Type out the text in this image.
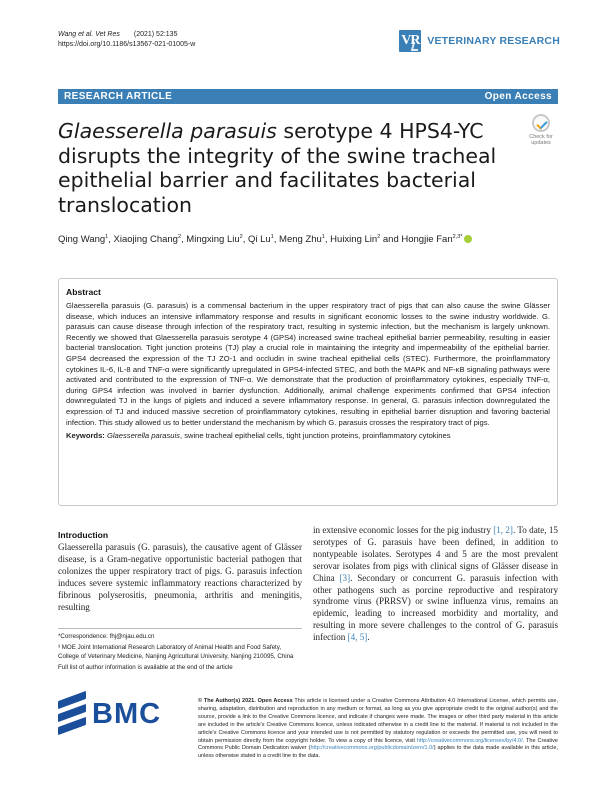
Wang et al. Vet Res (2021) 52:135
https://doi.org/10.1186/s13567-021-01005-w	VR VETERINARY RESEARCH
RESEARCH ARTICLE	Open Access
Glaesserella parasuis serotype 4 HPS4-YC disrupts the integrity of the swine tracheal epithelial barrier and facilitates bacterial translocation
Check for updates
Qing Wang$^1$, Xiaojing Chang$^2$, Mingxing Liu$^2$, Qi Lu$^1$, Meng Zhu$^1$, Huixing Lin$^2$ and Hongjie Fan$^{2,3*}$
Abstract

Glaesserella parasuis (G. parasuis) is a commensal bacterium in the upper respiratory tract of pigs that can also cause the swine Glässer disease, which induces an intensive inflammatory response and results in significant economic losses to the swine industry worldwide. G. parasuis can cause disease through infection of the respiratory tract, resulting in systemic infection, but the mechanism is largely unknown. Recently we showed that Glaesserella parasuis serotype 4 (GPS4) increased swine tracheal epithelial barrier permeability, resulting in easier bacterial translocation. Tight junction proteins (TJ) play a crucial role in maintaining the integrity and impermeability of the epithelial barrier. GPS4 decreased the expression of the TJ ZO-1 and occludin in swine tracheal epithelial cells (STEC). Furthermore, the proinflammatory cytokines IL-6, IL-8 and TNF-α were significantly upregulated in GPS4-infected STEC, and both the MAPK and NF-κB signaling pathways were activated and contributed to the expression of TNF-α. We demonstrate that the production of proinflammatory cytokines, especially TNF-α, during GPS4 infection was involved in barrier dysfunction. Additionally, animal challenge experiments confirmed that GPS4 infection downregulated TJ in the lungs of piglets and induced a severe inflammatory response. In general, G. parasuis infection downregulated the expression of TJ and induced massive secretion of proinflammatory cytokines, resulting in epithelial barrier disruption and favoring bacterial infection. This study allowed us to better understand the mechanism by which G. parasuis crosses the respiratory tract of pigs.

Keywords: Glaesserella parasuis, swine tracheal epithelial cells, tight junction proteins, proinflammatory cytokines
Introduction

Glaesserella parasuis (G. parasuis), the causative agent of Glässer disease, is a Gram-negative opportunistic bacterial pathogen that colonizes the upper respiratory tract of pigs. G. parasuis infection induces severe systemic inflammatory reactions characterized by fibrinous polyserositis, pneumonia, arthritis and meningitis, resulting

in extensive economic losses for the pig industry [1, 2]. To date, 15 serotypes of G. parasuis have been defined, in addition to nontypeable isolates. Serotypes 4 and 5 are the most prevalent serovar isolates from pigs with clinical signs of Glässer disease in China [3]. Secondary or concurrent G. parasuis infection with other pathogens such as porcine reproductive and respiratory syndrome virus (PRRSV) or swine influenza virus, remains an epidemic, leading to increased morbidity and mortality, and resulting in more severe challenges to the control of G. parasuis infection [4, 5].

*Correspondence: fhj@njau.edu.cn
³ MOE Joint International Research Laboratory of Animal Health and Food Safety, College of Veterinary Medicine, Nanjing Agricultural University, Nanjing 210095, China
Full list of author information is available at the end of the article
BMC	© The Author(s) 2021. Open Access This article is licensed under a Creative Commons Attribution 4.0 International License, which permits use, sharing, adaptation, distribution and reproduction in any medium or format, as long as you give appropriate credit to the original author(s) and the source, provide a link to the Creative Commons licence, and indicate if changes were made. The images or other third party material in this article are included in the article's Creative Commons licence, unless indicated otherwise in a credit line to the material. If material is not included in the article's Creative Commons licence and your intended use is not permitted by statutory regulation or exceeds the permitted use, you will need to obtain permission directly from the copyright holder. To view a copy of this licence, visit http://creativecommons.org/licenses/by/4.0/. The Creative Commons Public Domain Dedication waiver (http://creativecommons.org/publicdomain/zero/1.0/) applies to the data made available in this article, unless otherwise stated in a credit line to the data.
